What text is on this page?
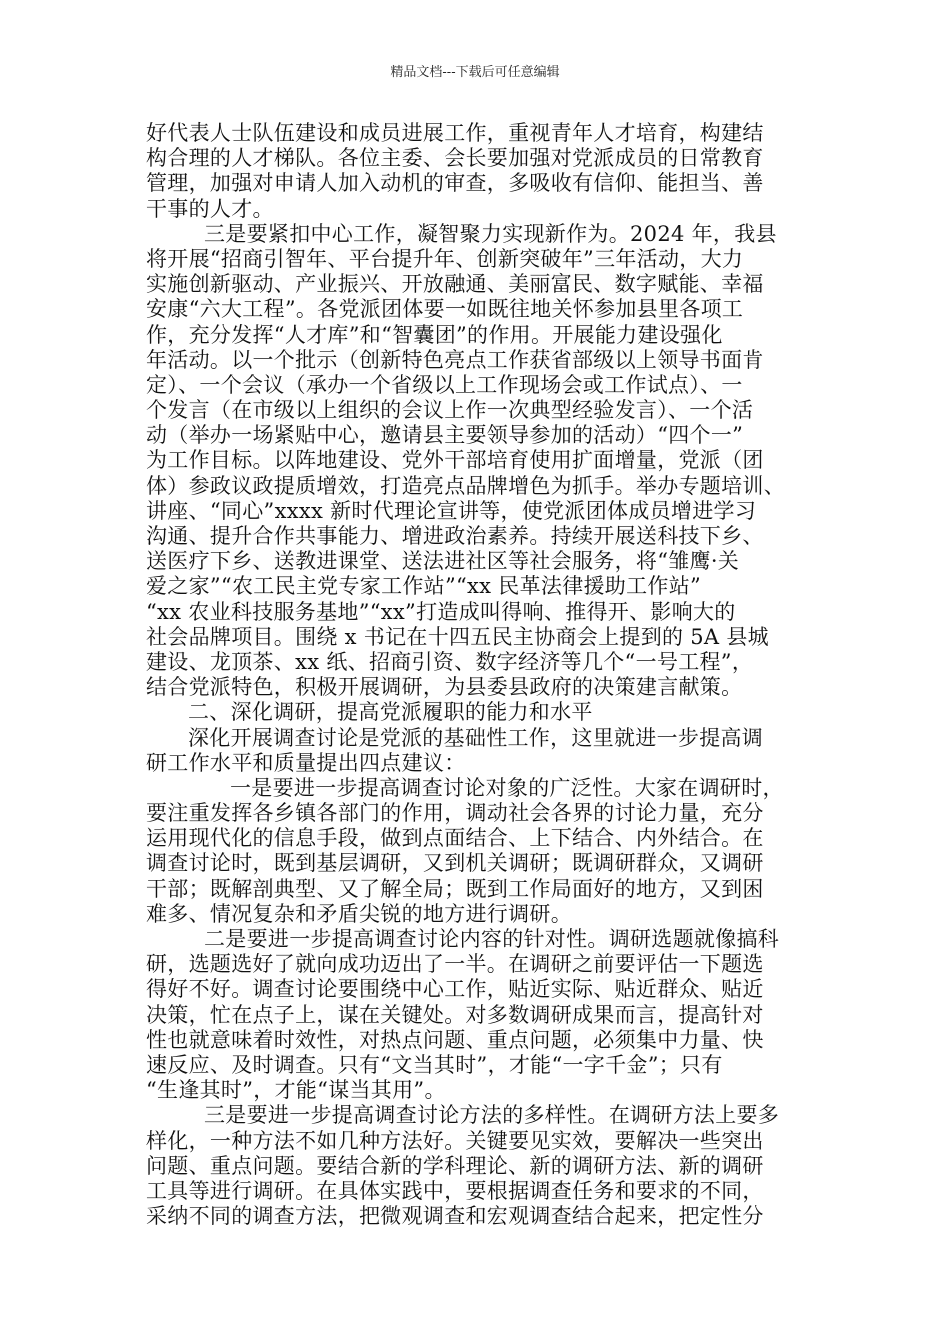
精品文档---下载后可任意编辑
好代表人士队伍建设和成员进展工作，重视青年人才培育，构建结
构合理的人才梯队。各位主委、会长要加强对党派成员的日常教育
管理，加强对申请人加入动机的审查，多吸收有信仰、能担当、善
干事的人才。
三是要紧扣中心工作，凝智聚力实现新作为。2024 年，我县
将开展“招商引智年、平台提升年、创新突破年”三年活动，大力
实施创新驱动、产业振兴、开放融通、美丽富民、数字赋能、幸福
安康“六大工程”。各党派团体要一如既往地关怀参加县里各项工
作，充分发挥“人才库”和“智囊团”的作用。开展能力建设强化
年活动。以一个批示（创新特色亮点工作获省部级以上领导书面肯
定）、一个会议（承办一个省级以上工作现场会或工作试点）、一
个发言（在市级以上组织的会议上作一次典型经验发言）、一个活
动（举办一场紧贴中心，邀请县主要领导参加的活动）“四个一”
为工作目标。以阵地建设、党外干部培育使用扩面增量，党派（团
体）参政议政提质增效，打造亮点品牌增色为抓手。举办专题培训、
讲座、“同心”xxxx 新时代理论宣讲等，使党派团体成员增进学习
沟通、提升合作共事能力、增进政治素养。持续开展送科技下乡、
送医疗下乡、送教进课堂、送法进社区等社会服务，将“雏鹰·关
爱之家”“农工民主党专家工作站”“xx 民革法律援助工作站”
“xx 农业科技服务基地”“xx”打造成叫得响、推得开、影响大的
社会品牌项目。围绕 x 书记在十四五民主协商会上提到的 5A 县城
建设、龙顶茶、xx 纸、招商引资、数字经济等几个“一号工程”，
结合党派特色，积极开展调研，为县委县政府的决策建言献策。
二、深化调研，提高党派履职的能力和水平
深化开展调查讨论是党派的基础性工作，这里就进一步提高调
研工作水平和质量提出四点建议：
一是要进一步提高调查讨论对象的广泛性。大家在调研时，
要注重发挥各乡镇各部门的作用，调动社会各界的讨论力量，充分
运用现代化的信息手段，做到点面结合、上下结合、内外结合。在
调查讨论时，既到基层调研，又到机关调研；既调研群众，又调研
干部；既解剖典型、又了解全局；既到工作局面好的地方，又到困
难多、情况复杂和矛盾尖锐的地方进行调研。
二是要进一步提高调查讨论内容的针对性。调研选题就像搞科
研，选题选好了就向成功迈出了一半。在调研之前要评估一下题选
得好不好。调查讨论要围绕中心工作，贴近实际、贴近群众、贴近
决策，忙在点子上，谋在关键处。对多数调研成果而言，提高针对
性也就意味着时效性，对热点问题、重点问题，必须集中力量、快
速反应、及时调查。只有“文当其时”，才能“一字千金”；只有
“生逢其时”，才能“谋当其用”。
三是要进一步提高调查讨论方法的多样性。在调研方法上要多
样化，一种方法不如几种方法好。关键要见实效，要解决一些突出
问题、重点问题。要结合新的学科理论、新的调研方法、新的调研
工具等进行调研。在具体实践中，要根据调查任务和要求的不同，
采纳不同的调查方法，把微观调查和宏观调查结合起来，把定性分
